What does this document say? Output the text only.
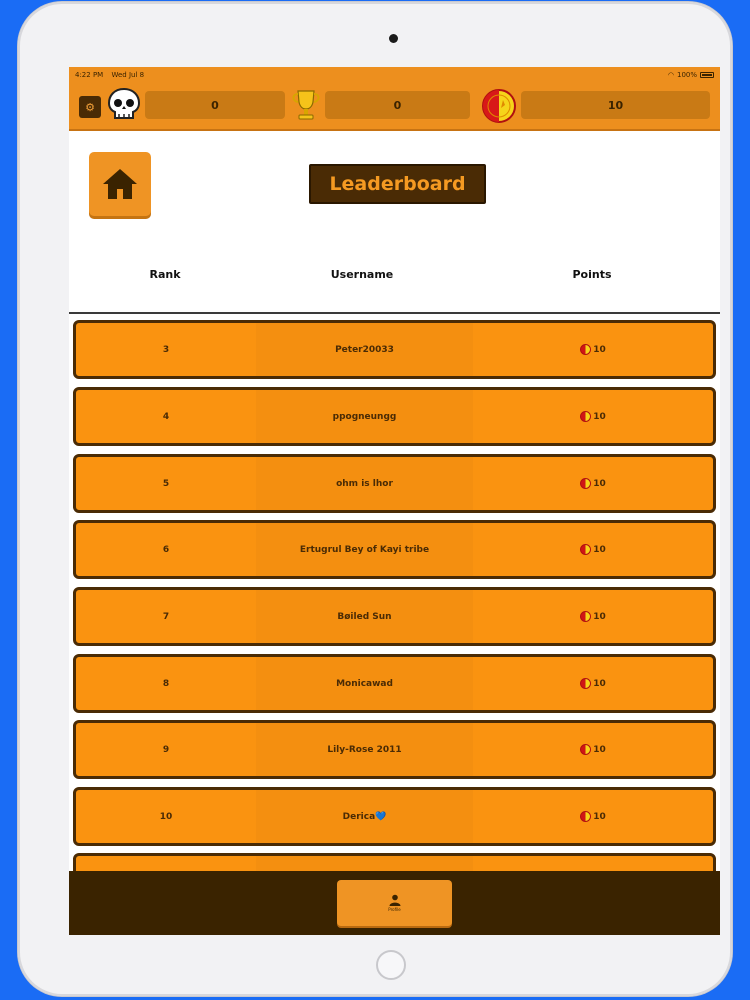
4:22 PM Wed Jul 8	◠ 100%
⚙	0	0	10
Leaderboard
Rank	Username	Points
3	Peter20033	10
4	ppogneungg	10
5	ohm is lhor	10
6	Ertugrul Bey of Kayi tribe	10
7	Bøiled Sun	10
8	Monicawad	10
9	Lily-Rose 2011	10
10	Derica💙	10
Profile
